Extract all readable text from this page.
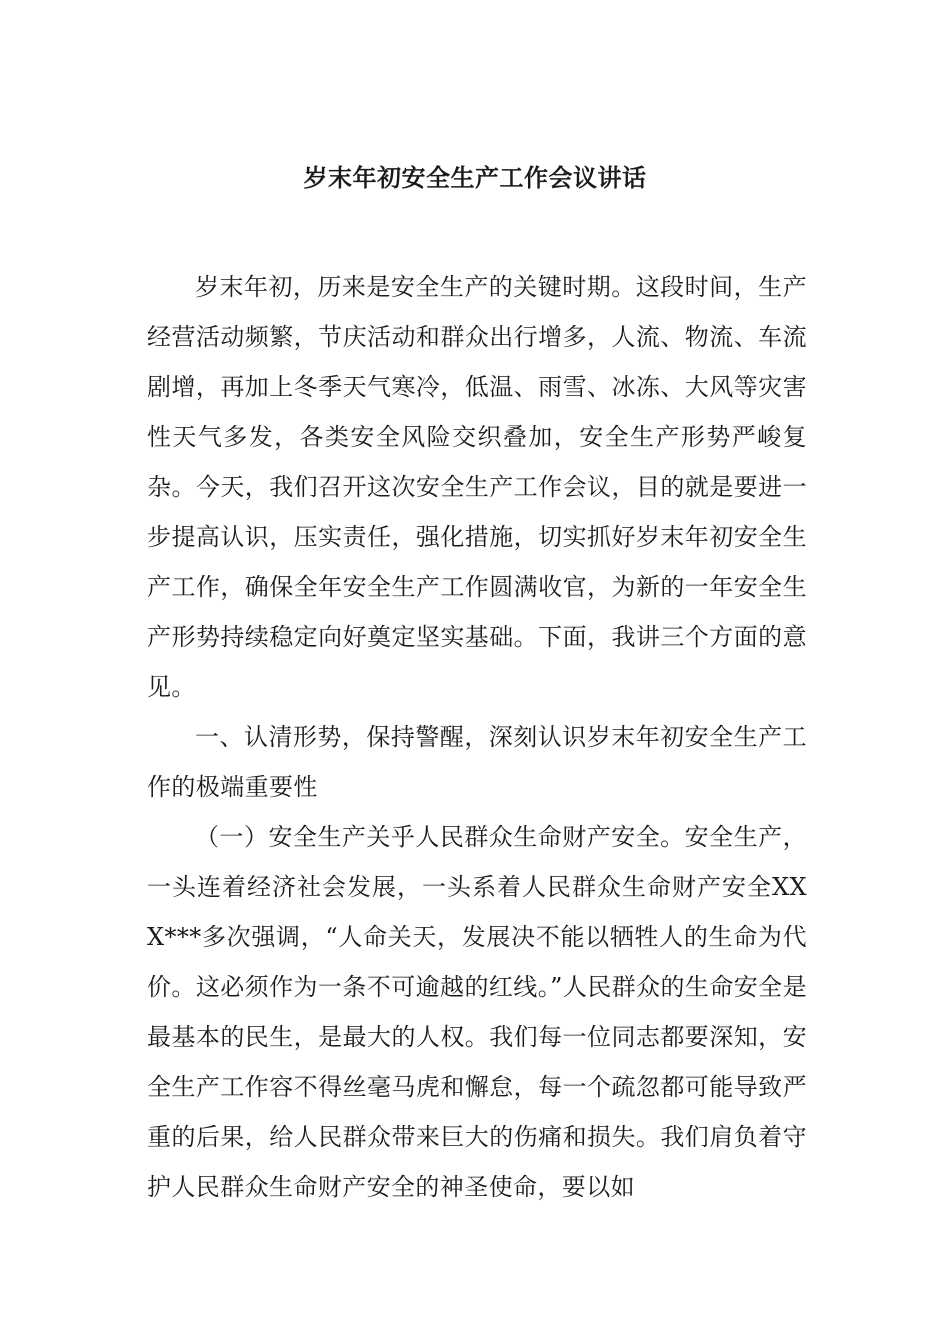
岁末年初安全生产工作会议讲话

岁末年初，历来是安全生产的关键时期。这段时间，生产经营活动频繁，节庆活动和群众出行增多，人流、物流、车流剧增，再加上冬季天气寒冷，低温、雨雪、冰冻、大风等灾害性天气多发，各类安全风险交织叠加，安全生产形势严峻复杂。今天，我们召开这次安全生产工作会议，目的就是要进一步提高认识，压实责任，强化措施，切实抓好岁末年初安全生产工作，确保全年安全生产工作圆满收官，为新的一年安全生产形势持续稳定向好奠定坚实基础。下面，我讲三个方面的意见。

一、认清形势，保持警醒，深刻认识岁末年初安全生产工作的极端重要性

（一）安全生产关乎人民群众生命财产安全。安全生产，一头连着经济社会发展，一头系着人民群众生命财产安全XXX***多次强调，“人命关天，发展决不能以牺牲人的生命为代价。这必须作为一条不可逾越的红线。”人民群众的生命安全是最基本的民生，是最大的人权。我们每一位同志都要深知，安全生产工作容不得丝毫马虎和懈怠，每一个疏忽都可能导致严重的后果，给人民群众带来巨大的伤痛和损失。我们肩负着守护人民群众生命财产安全的神圣使命，要以如
